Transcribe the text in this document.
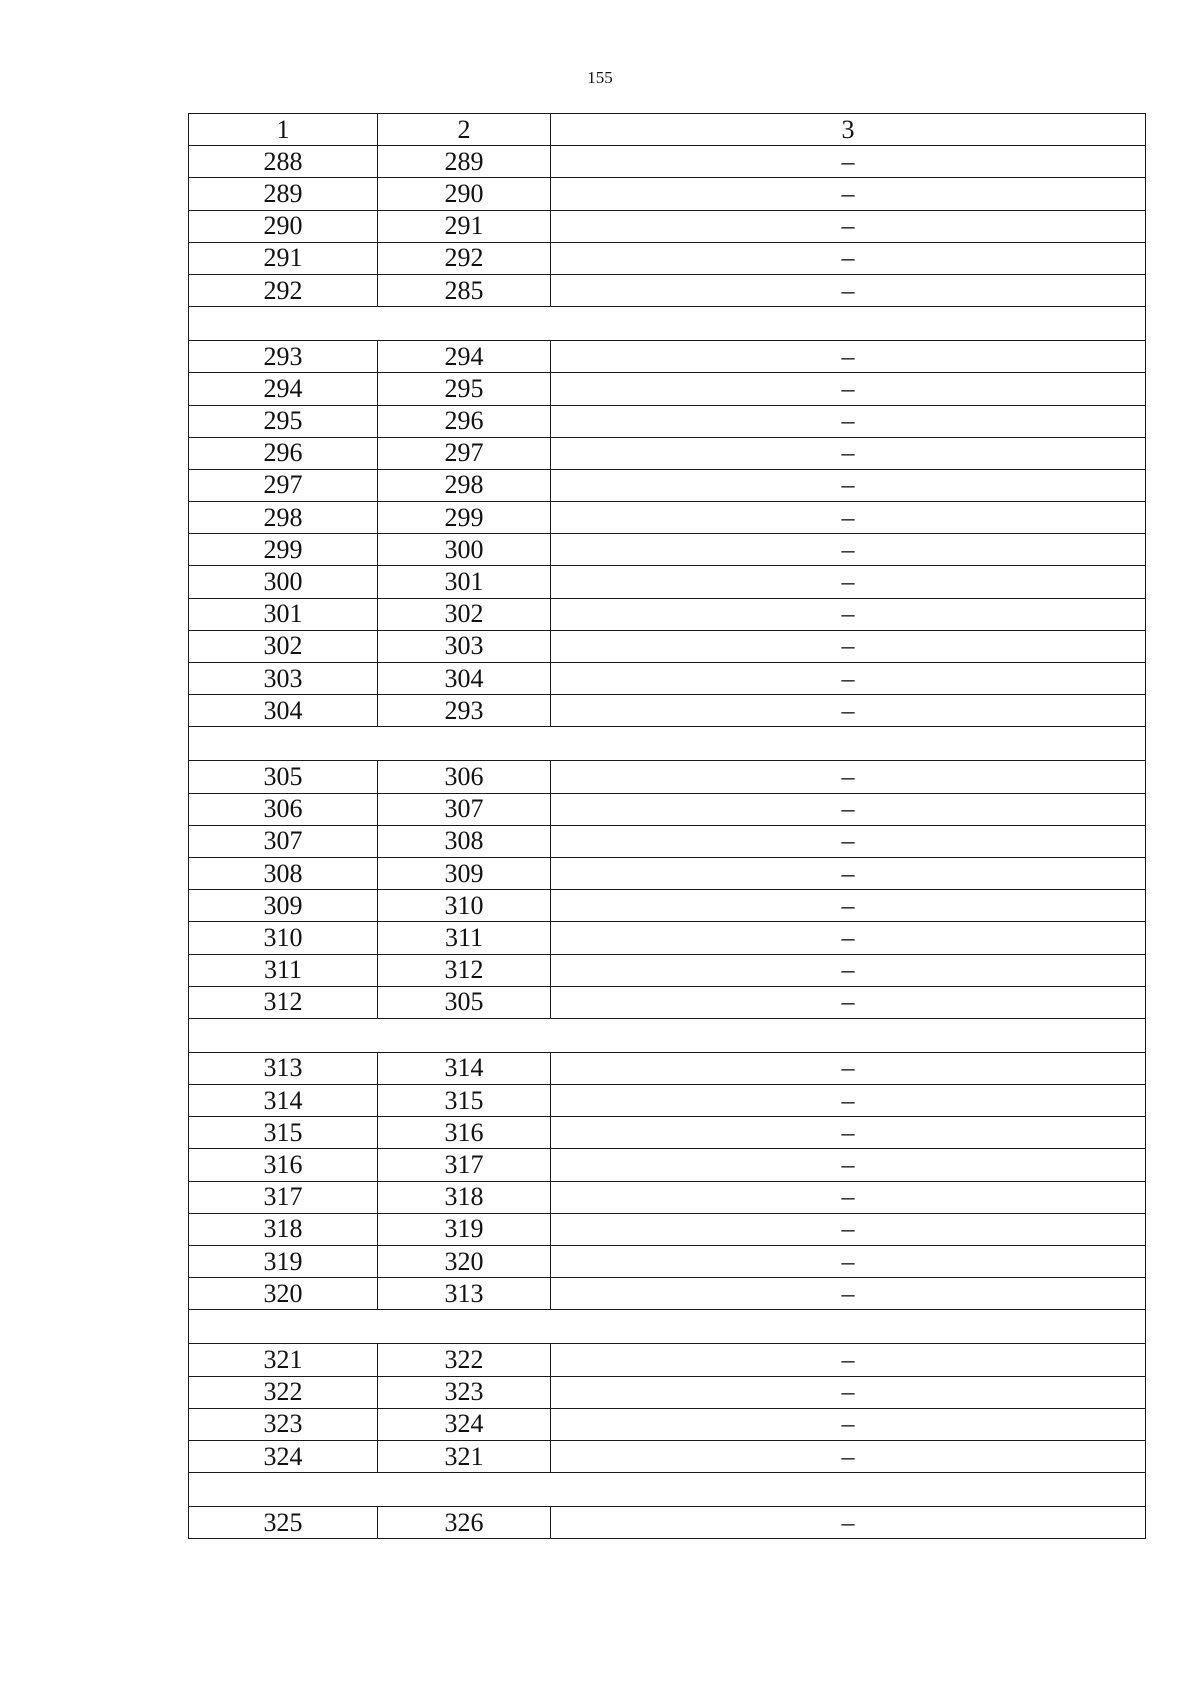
155
1	2	3
288	289	–
289	290	–
290	291	–
291	292	–
292	285	–

293	294	–
294	295	–
295	296	–
296	297	–
297	298	–
298	299	–
299	300	–
300	301	–
301	302	–
302	303	–
303	304	–
304	293	–

305	306	–
306	307	–
307	308	–
308	309	–
309	310	–
310	311	–
311	312	–
312	305	–

313	314	–
314	315	–
315	316	–
316	317	–
317	318	–
318	319	–
319	320	–
320	313	–

321	322	–
322	323	–
323	324	–
324	321	–

325	326	–
